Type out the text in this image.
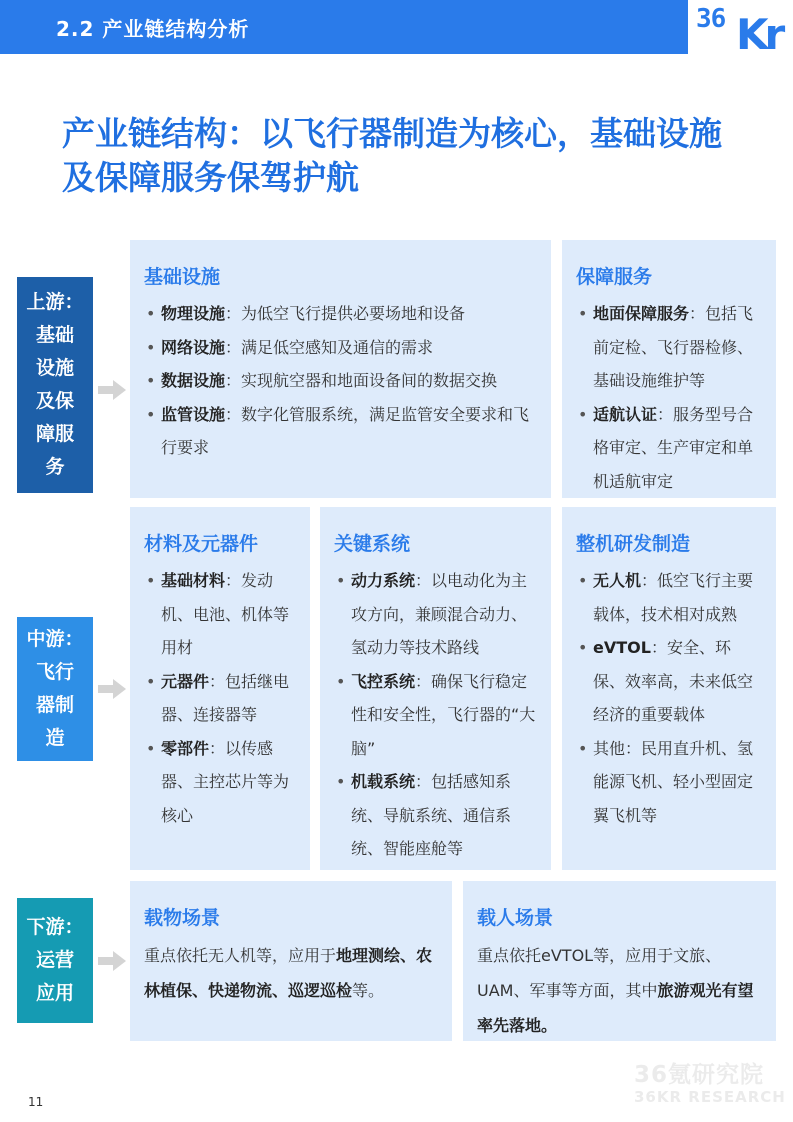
2.2 产业链结构分析	36 Kr
产业链结构：以飞行器制造为核心，基础设施
及保障服务保驾护航
上游：
基础
设施
及保
障服
务
中游：
飞行
器制
造
下游：
运营
应用
基础设施
• 物理设施：为低空飞行提供必要场地和设备
• 网络设施：满足低空感知及通信的需求
• 数据设施：实现航空器和地面设备间的数据交换
• 监管设施：数字化管服系统，满足监管安全要求和飞行要求
保障服务
• 地面保障服务：包括飞前定检、飞行器检修、基础设施维护等
• 适航认证：服务型号合格审定、生产审定和单机适航审定
材料及元器件
• 基础材料：发动机、电池、机体等用材
• 元器件：包括继电器、连接器等
• 零部件：以传感器、主控芯片等为核心
关键系统
• 动力系统：以电动化为主攻方向，兼顾混合动力、氢动力等技术路线
• 飞控系统：确保飞行稳定性和安全性，飞行器的“大脑”
• 机载系统：包括感知系统、导航系统、通信系统、智能座舱等
整机研发制造
• 无人机：低空飞行主要载体，技术相对成熟
• eVTOL：安全、环保、效率高，未来低空经济的重要载体
• 其他：民用直升机、氢能源飞机、轻小型固定翼飞机等
载物场景

重点依托无人机等，应用于地理测绘、农林植保、快递物流、巡逻巡检等。

载人场景

重点依托eVTOL等，应用于文旅、UAM、军事等方面，其中旅游观光有望率先落地。

11
36氪研究院
36KR RESEARCH
